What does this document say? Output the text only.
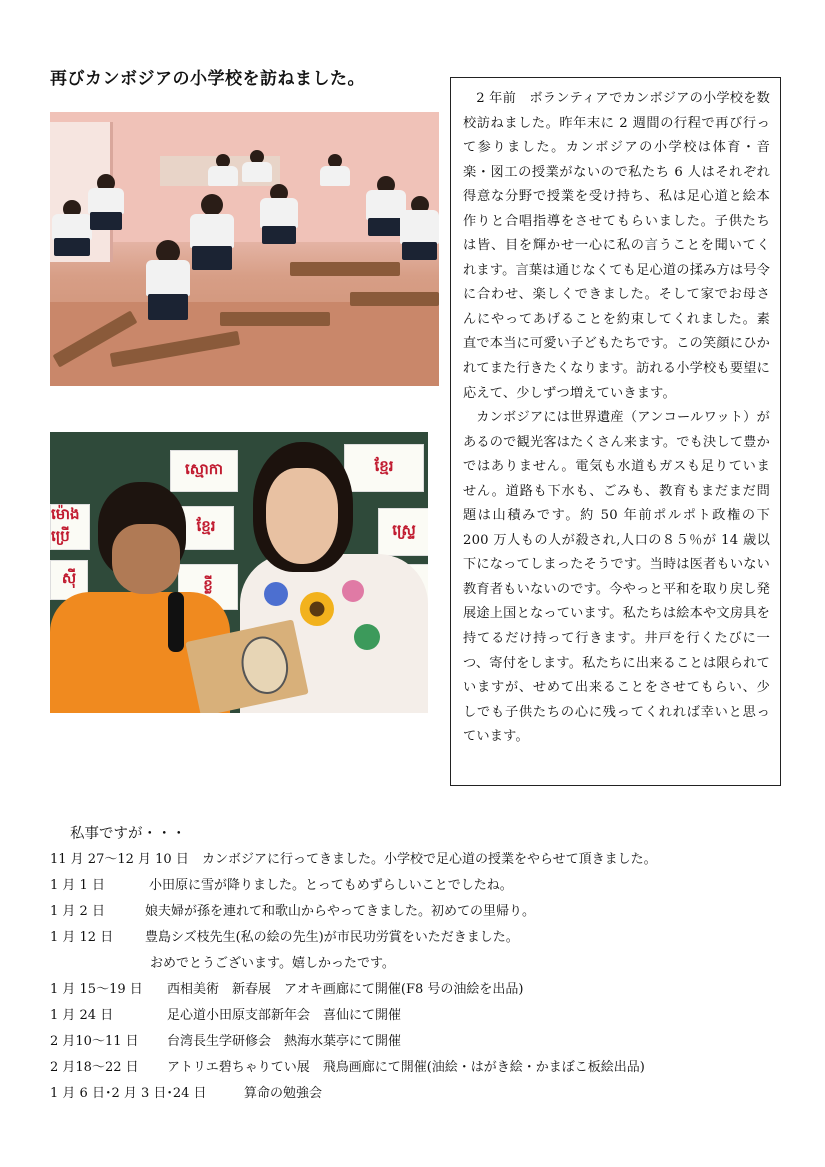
再びカンボジアの小学校を訪ねました。
ស្មោកា	ខ្មែរ
ម៉ោងប្រើ
ខ្មែរ	ស្ទ្រេ
ស៊ី	ខ្លី

2 年前　ボランティアでカンボジアの小学校を数校訪ねました。昨年末に 2 週間の行程で再び行って参りました。カンボジアの小学校は体育・音楽・図工の授業がないので私たち 6 人はそれぞれ得意な分野で授業を受け持ち、私は足心道と絵本作りと合唱指導をさせてもらいました。子供たちは皆、目を輝かせ一心に私の言うことを聞いてくれます。言葉は通じなくても足心道の揉み方は号令に合わせ、楽しくできました。そして家でお母さんにやってあげることを約束してくれました。素直で本当に可愛い子どもたちです。この笑顔にひかれてまた行きたくなります。訪れる小学校も要望に応えて、少しずつ増えていきます。

カンボジアには世界遺産（アンコールワット）があるので観光客はたくさん来ます。でも決して豊かではありません。電気も水道もガスも足りていません。道路も下水も、ごみも、教育もまだまだ問題は山積みです。約 50 年前ポルポト政権の下 200 万人もの人が殺され,人口の８５％が 14 歳以下になってしまったそうです。当時は医者もいない教育者もいないのです。今やっと平和を取り戻し発展途上国となっています。私たちは絵本や文房具を持てるだけ持って行きます。井戸を行くたびに一つ、寄付をします。私たちに出来ることは限られていますが、せめて出来ることをさせてもらい、少しでも子供たちの心に残ってくれれば幸いと思っています。

私事ですが・・・
11 月 27～12 月 10 日 カンボジアに行ってきました。小学校で足心道の授業をやらせて頂きました。
1 月 1 日	小田原に雪が降りました。とってもめずらしいことでしたね。
1 月 2 日	娘夫婦が孫を連れて和歌山からやってきました。初めての里帰り。
1 月 12 日 豊島シズ枝先生(私の絵の先生)が市民功労賞をいただきました。
おめでとうございます。嬉しかったです。
1 月 15～19 日 西相美術　新春展　アオキ画廊にて開催(F8 号の油絵を出品)
1 月 24 日	足心道小田原支部新年会　喜仙にて開催
2 月10～11 日 台湾長生学研修会　熱海水葉亭にて開催
2 月18～22 日 アトリエ碧ちゃりてい展　飛鳥画廊にて開催(油絵・はがき絵・かまぼこ板絵出品)
1 月 6 日･2 月 3 日･24 日	算命の勉強会
